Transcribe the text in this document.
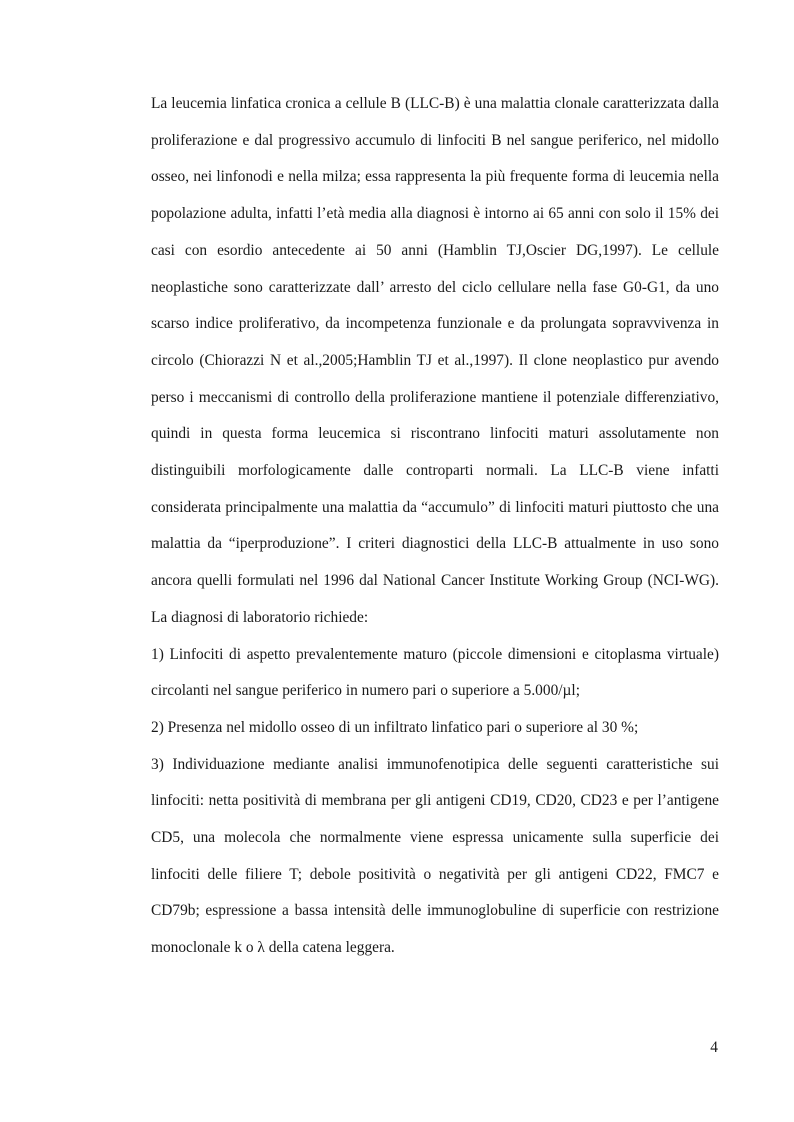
La leucemia linfatica cronica a cellule B (LLC-B) è una malattia clonale caratterizzata dalla proliferazione e dal progressivo accumulo di linfociti B nel sangue periferico, nel midollo osseo, nei linfonodi e nella milza; essa rappresenta la più frequente forma di leucemia nella popolazione adulta, infatti l’età media alla diagnosi è intorno ai 65 anni con solo il 15% dei casi con esordio antecedente ai 50 anni (Hamblin TJ,Oscier DG,1997). Le cellule neoplastiche sono caratterizzate dall’ arresto del ciclo cellulare nella fase G0-G1, da uno scarso indice proliferativo, da incompetenza funzionale e da prolungata sopravvivenza in circolo (Chiorazzi N et al.,2005;Hamblin TJ et al.,1997). Il clone neoplastico pur avendo perso i meccanismi di controllo della proliferazione mantiene il potenziale differenziativo, quindi in questa forma leucemica si riscontrano linfociti maturi assolutamente non distinguibili morfologicamente dalle controparti normali. La LLC-B viene infatti considerata principalmente una malattia da “accumulo” di linfociti maturi piuttosto che una malattia da “iperproduzione”. I criteri diagnostici della LLC-B attualmente in uso sono ancora quelli formulati nel 1996 dal National Cancer Institute Working Group (NCI-WG). La diagnosi di laboratorio richiede:

1) Linfociti di aspetto prevalentemente maturo (piccole dimensioni e citoplasma virtuale) circolanti nel sangue periferico in numero pari o superiore a 5.000/µl;

2) Presenza nel midollo osseo di un infiltrato linfatico pari o superiore al 30 %;

3) Individuazione mediante analisi immunofenotipica delle seguenti caratteristiche sui linfociti: netta positività di membrana per gli antigeni CD19, CD20, CD23 e per l’antigene CD5, una molecola che normalmente viene espressa unicamente sulla superficie dei linfociti delle filiere T; debole positività o negatività per gli antigeni CD22, FMC7 e CD79b; espressione a bassa intensità delle immunoglobuline di superficie con restrizione monoclonale k o λ della catena leggera.

4
